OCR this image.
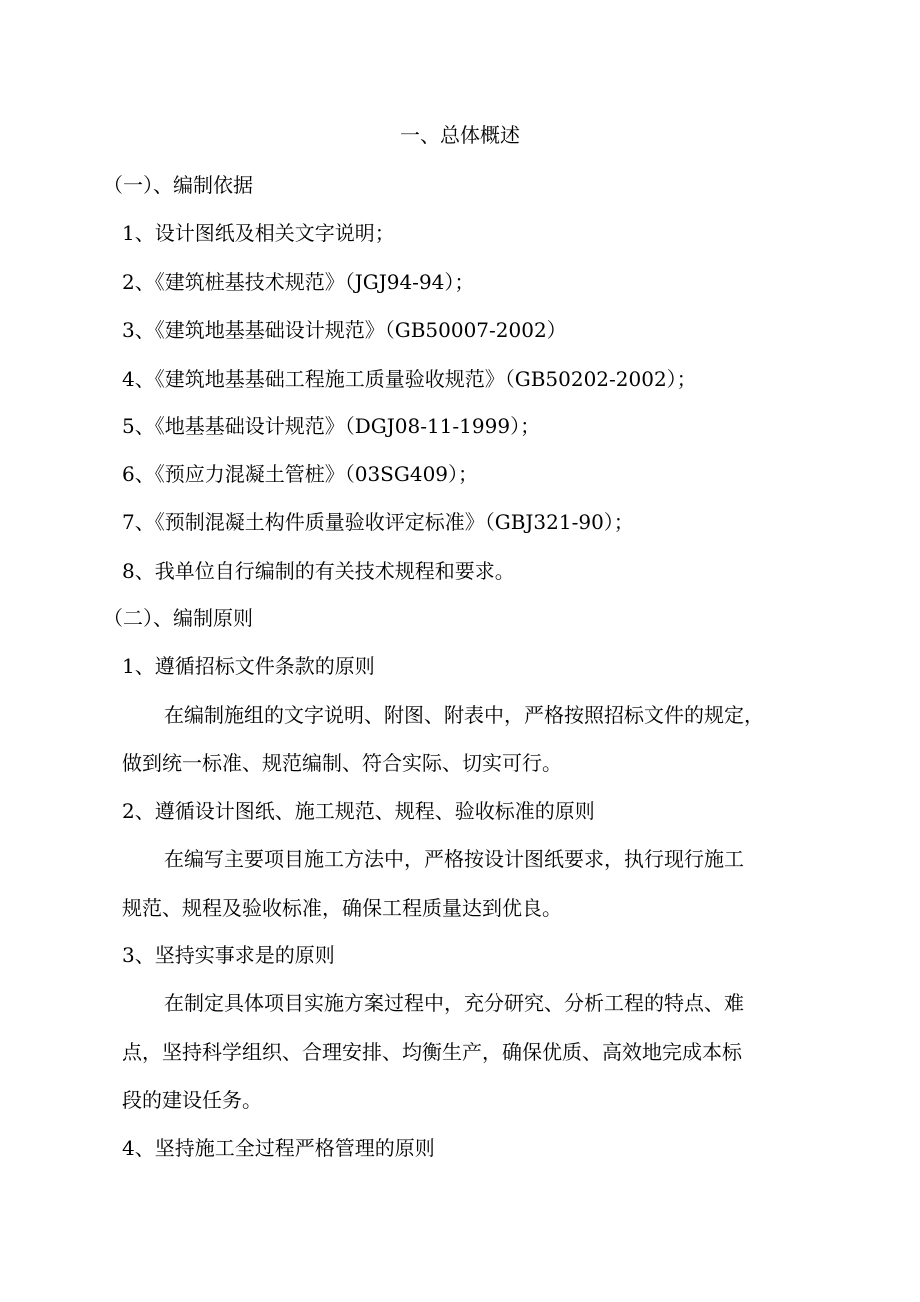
一、总体概述
（一）、编制依据
1、设计图纸及相关文字说明；
2、《建筑桩基技术规范》（JGJ94-94）；
3、《建筑地基基础设计规范》（GB50007-2002）
4、《建筑地基基础工程施工质量验收规范》（GB50202-2002）；
5、《地基基础设计规范》（DGJ08-11-1999）；
6、《预应力混凝土管桩》（03SG409）；
7、《预制混凝土构件质量验收评定标准》（GBJ321-90）；
8、我单位自行编制的有关技术规程和要求。
（二）、编制原则
1、遵循招标文件条款的原则
在编制施组的文字说明、附图、附表中，严格按照招标文件的规定，
做到统一标准、规范编制、符合实际、切实可行。
2、遵循设计图纸、施工规范、规程、验收标准的原则
在编写主要项目施工方法中，严格按设计图纸要求，执行现行施工
规范、规程及验收标准，确保工程质量达到优良。
3、坚持实事求是的原则
在制定具体项目实施方案过程中，充分研究、分析工程的特点、难
点，坚持科学组织、合理安排、均衡生产，确保优质、高效地完成本标
段的建设任务。
4、坚持施工全过程严格管理的原则
